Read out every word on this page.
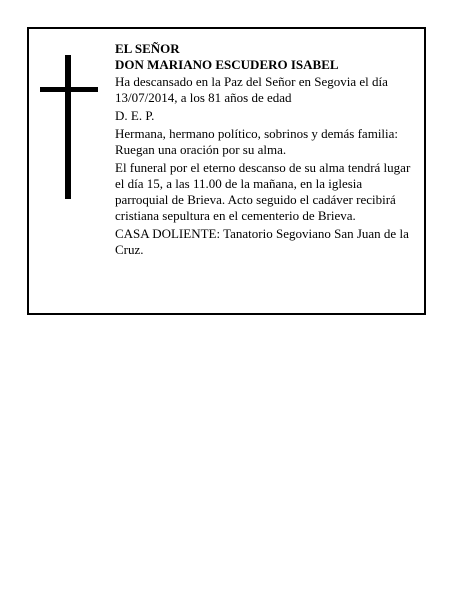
EL SEÑOR
DON MARIANO ESCUDERO ISABEL

Ha descansado en la Paz del Señor en Segovia el día 13/07/2014, a los 81 años de edad

D. E. P.

Hermana, hermano político, sobrinos y demás familia: Ruegan una oración por su alma.

El funeral por el eterno descanso de su alma tendrá lugar el día 15, a las 11.00 de la mañana, en la iglesia parroquial de Brieva. Acto seguido el cadáver recibirá cristiana sepultura en el cementerio de Brieva.

CASA DOLIENTE: Tanatorio Segoviano San Juan de la Cruz.
